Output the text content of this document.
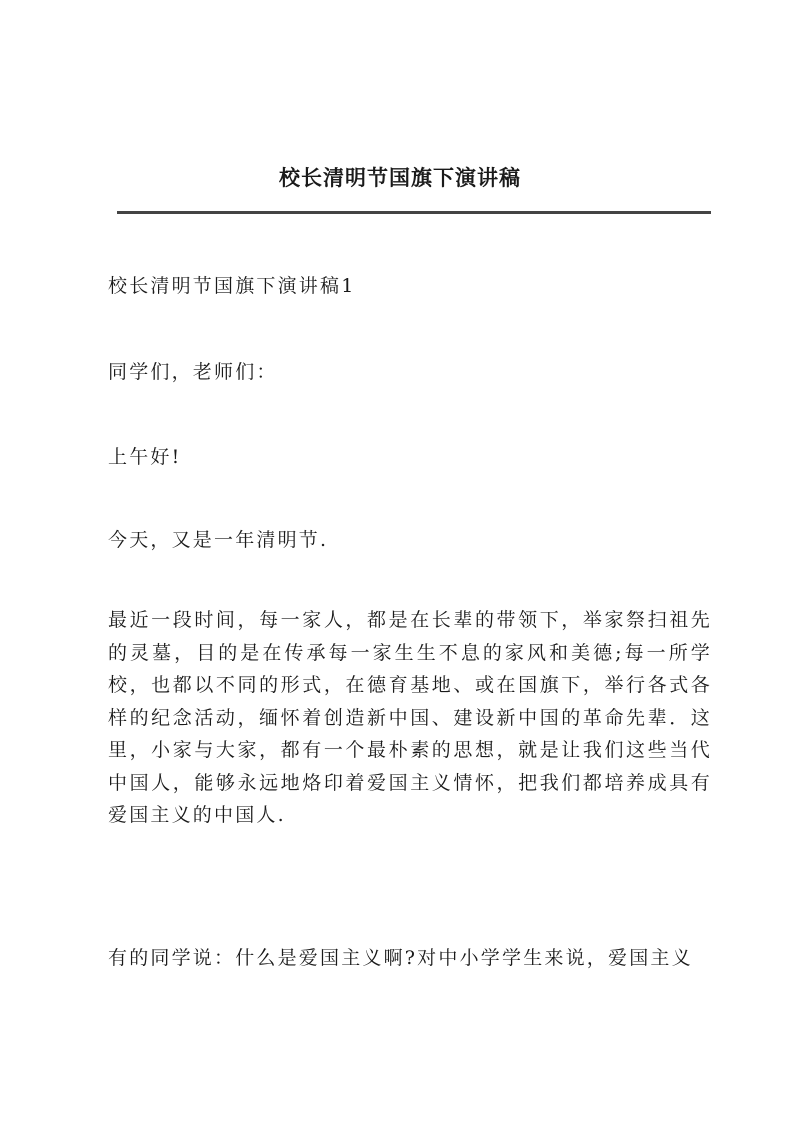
校长清明节国旗下演讲稿

校长清明节国旗下演讲稿1

同学们，老师们：

上午好!

今天，又是一年清明节.

最近一段时间，每一家人，都是在长辈的带领下，举家祭扫祖先的灵墓，目的是在传承每一家生生不息的家风和美德;每一所学校，也都以不同的形式，在德育基地、或在国旗下，举行各式各样的纪念活动，缅怀着创造新中国、建设新中国的革命先辈．这里，小家与大家，都有一个最朴素的思想，就是让我们这些当代中国人，能够永远地烙印着爱国主义情怀，把我们都培养成具有爱国主义的中国人.

有的同学说：什么是爱国主义啊?对中小学学生来说，爱国主义
